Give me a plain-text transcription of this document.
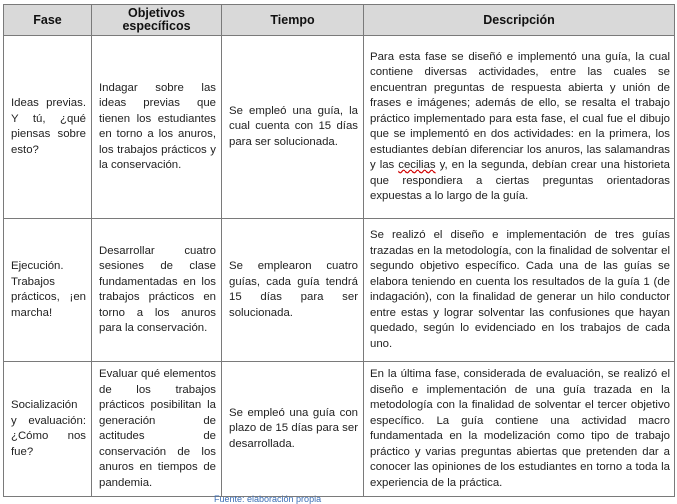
Fase	Objetivos específicos	Tiempo	Descripción
Ideas previas. Y tú, ¿qué piensas sobre esto?	Indagar sobre las ideas previas que tienen los estudiantes en torno a los anuros, los trabajos prácticos y la conservación.	Se empleó una guía, la cual cuenta con 15 días para ser solucionada.	Para esta fase se diseñó e implementó una guía, la cual contiene diversas actividades, entre las cuales se encuentran preguntas de respuesta abierta y unión de frases e imágenes; además de ello, se resalta el trabajo práctico implementado para esta fase, el cual fue el dibujo que se implementó en dos actividades: en la primera, los estudiantes debían diferenciar los anuros, las salamandras y las cecilias y, en la segunda, debían crear una historieta que respondiera a ciertas preguntas orientadoras expuestas a lo largo de la guía.
Ejecución. Trabajos prácticos, ¡en marcha!	Desarrollar cuatro sesiones de clase fundamentadas en los trabajos prácticos en torno a los anuros para la conservación.	Se emplearon cuatro guías, cada guía tendrá 15 días para ser solucionada.	Se realizó el diseño e implementación de tres guías trazadas en la metodología, con la finalidad de solventar el segundo objetivo específico. Cada una de las guías se elabora teniendo en cuenta los resultados de la guía 1 (de indagación), con la finalidad de generar un hilo conductor entre estas y lograr solventar las confusiones que hayan quedado, según lo evidenciado en los trabajos de cada uno.
Socialización y evaluación: ¿Cómo nos fue?	Evaluar qué elementos de los trabajos prácticos posibilitan la generación de actitudes de conservación de los anuros en tiempos de pandemia.	Se empleó una guía con plazo de 15 días para ser desarrollada.	En la última fase, considerada de evaluación, se realizó el diseño e implementación de una guía trazada en la metodología con la finalidad de solventar el tercer objetivo específico. La guía contiene una actividad macro fundamentada en la modelización como tipo de trabajo práctico y varias preguntas abiertas que pretenden dar a conocer las opiniones de los estudiantes en torno a toda la experiencia de la práctica.
Fuente: elaboración propia
